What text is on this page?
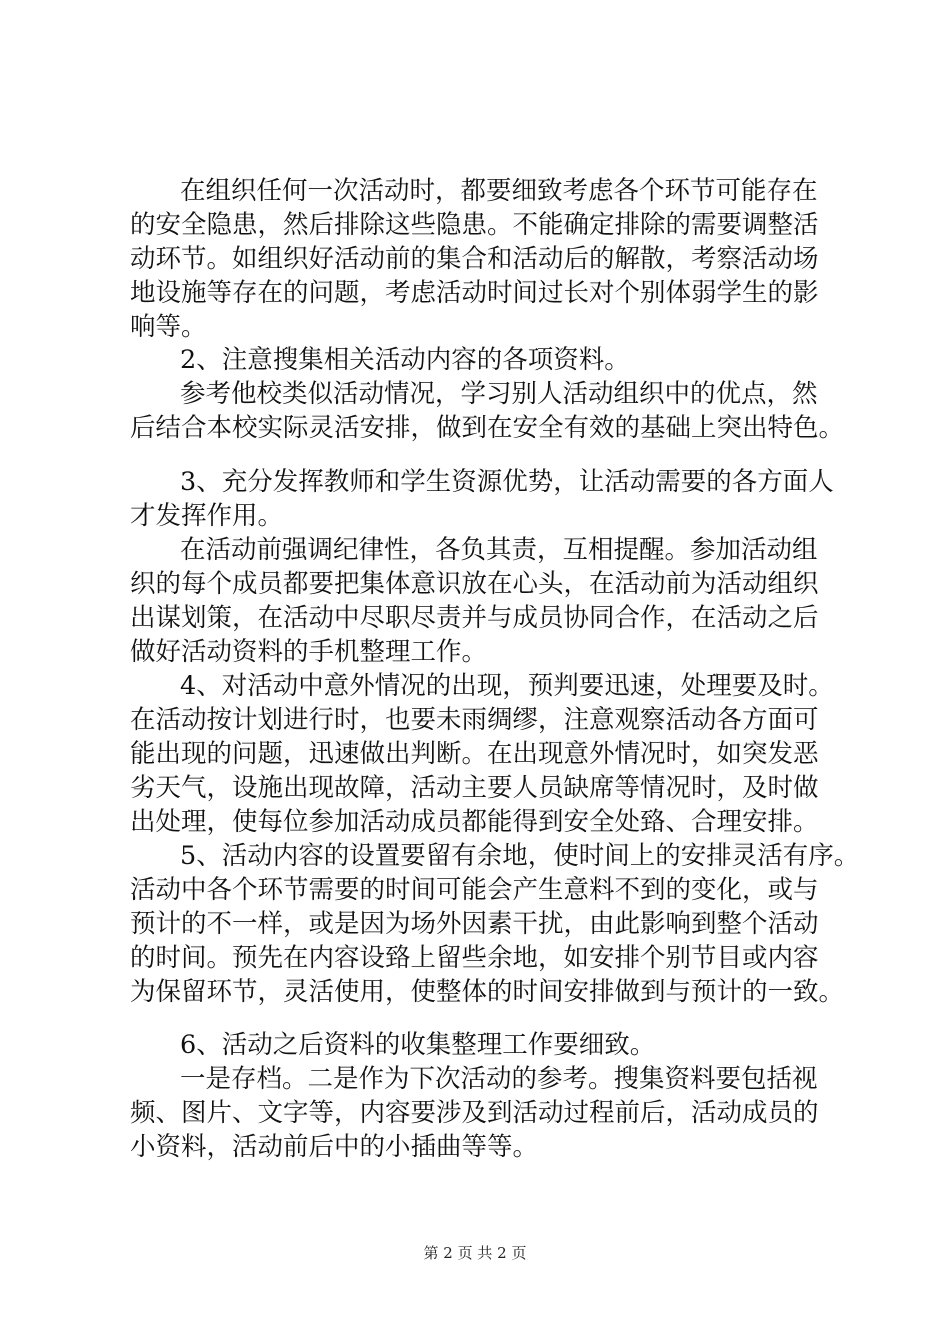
在组织任何一次活动时，都要细致考虑各个环节可能存在
的安全隐患，然后排除这些隐患。不能确定排除的需要调整活
动环节。如组织好活动前的集合和活动后的解散，考察活动场
地设施等存在的问题，考虑活动时间过长对个别体弱学生的影
响等。
2、注意搜集相关活动内容的各项资料。
参考他校类似活动情况，学习别人活动组织中的优点，然
后结合本校实际灵活安排，做到在安全有效的基础上突出特色。
3、充分发挥教师和学生资源优势，让活动需要的各方面人
才发挥作用。
在活动前强调纪律性，各负其责，互相提醒。参加活动组
织的每个成员都要把集体意识放在心头，在活动前为活动组织
出谋划策，在活动中尽职尽责并与成员协同合作，在活动之后
做好活动资料的手机整理工作。
4、对活动中意外情况的出现，预判要迅速，处理要及时。
在活动按计划进行时，也要未雨绸缪，注意观察活动各方面可
能出现的问题，迅速做出判断。在出现意外情况时，如突发恶
劣天气，设施出现故障，活动主要人员缺席等情况时，及时做
出处理，使每位参加活动成员都能得到安全处臵、合理安排。
5、活动内容的设置要留有余地，使时间上的安排灵活有序。
活动中各个环节需要的时间可能会产生意料不到的变化，或与
预计的不一样，或是因为场外因素干扰，由此影响到整个活动
的时间。预先在内容设臵上留些余地，如安排个别节目或内容
为保留环节，灵活使用，使整体的时间安排做到与预计的一致。
6、活动之后资料的收集整理工作要细致。
一是存档。二是作为下次活动的参考。搜集资料要包括视
频、图片、文字等，内容要涉及到活动过程前后，活动成员的
小资料，活动前后中的小插曲等等。
第 2 页 共 2 页
